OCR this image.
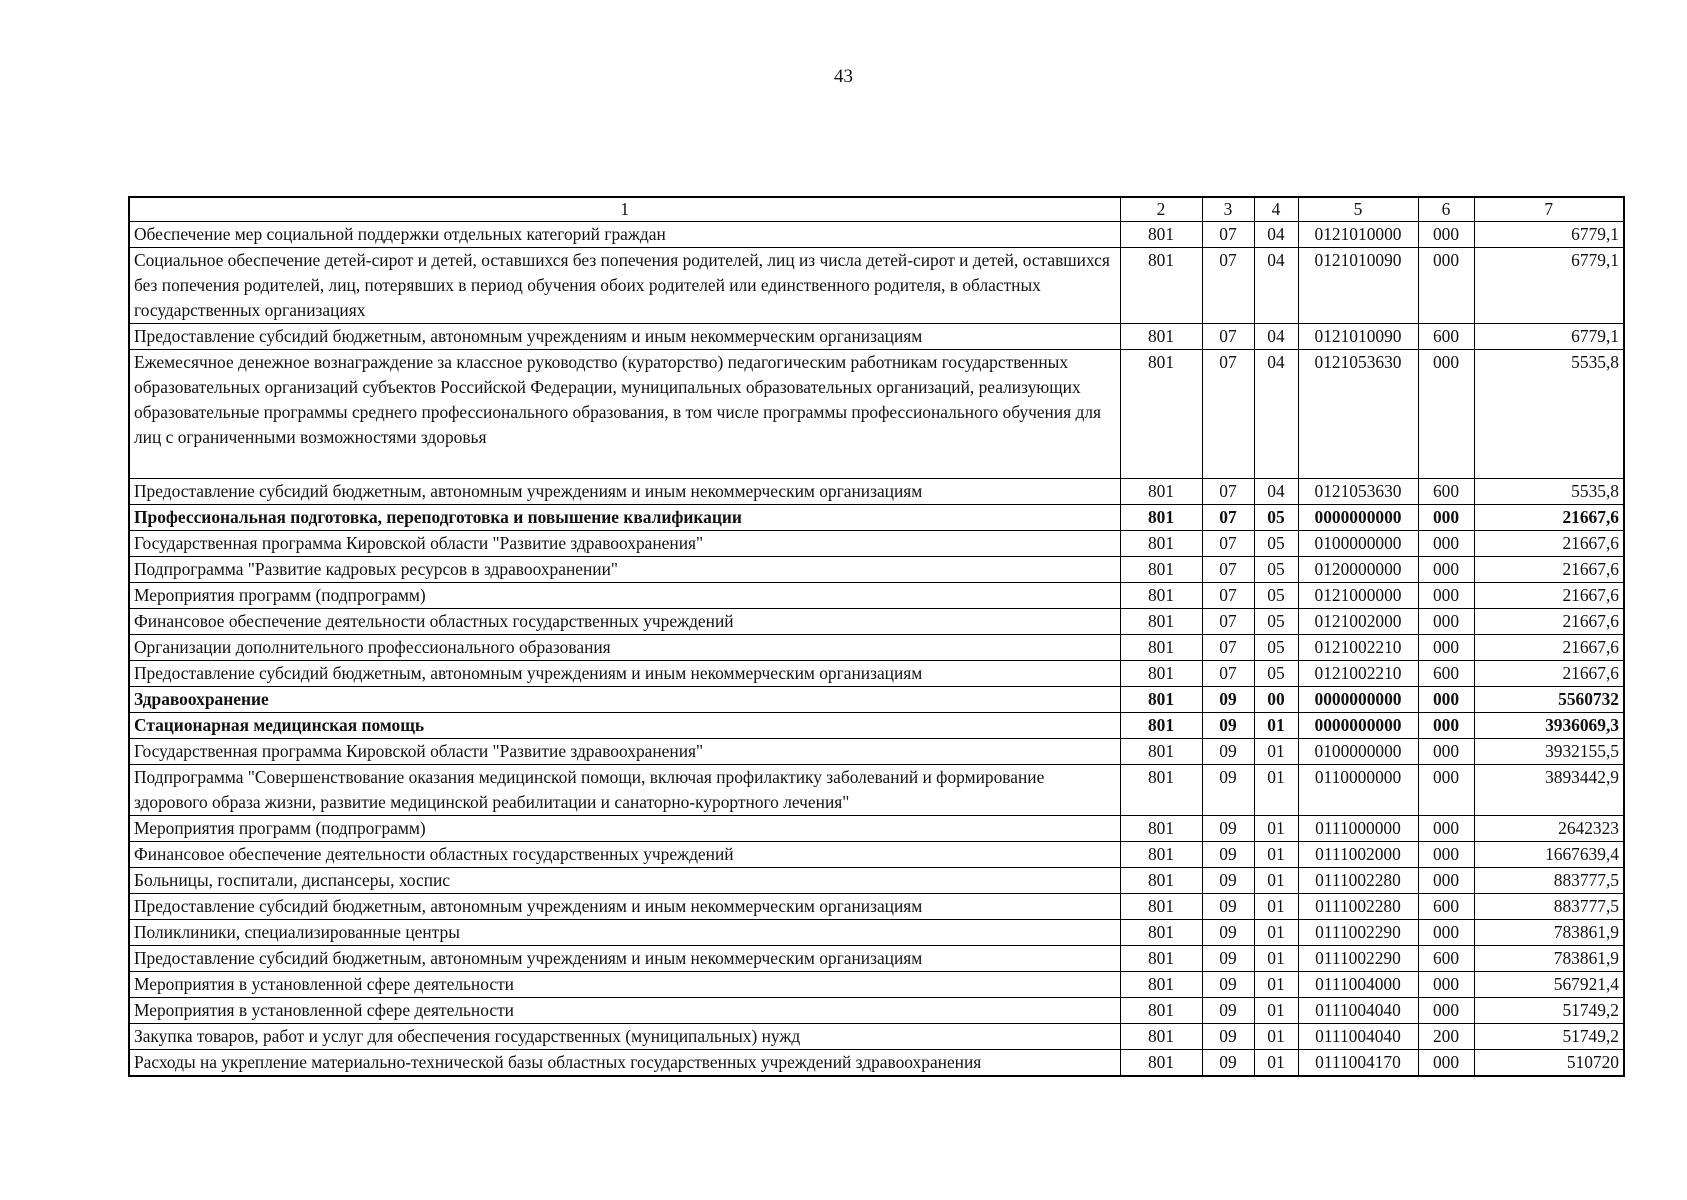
43
1	2	3	4	5	6	7
Обеспечение мер социальной поддержки отдельных категорий граждан	801	07	04	0121010000	000	6779,1
Социальное обеспечение детей-сирот и детей, оставшихся без попечения родителей, лиц из числа детей-сирот и детей, оставшихся без попечения родителей, лиц, потерявших в период обучения обоих родителей или единственного родителя, в областных государственных организациях	801	07	04	0121010090	000	6779,1
Предоставление субсидий бюджетным, автономным учреждениям и иным некоммерческим организациям	801	07	04	0121010090	600	6779,1
Ежемесячное денежное вознаграждение за классное руководство (кураторство) педагогическим работникам государственных образовательных организаций субъектов Российской Федерации, муниципальных образовательных организаций, реализующих образовательные программы среднего профессионального образования, в том числе программы профессионального обучения для лиц с ограниченными возможностями здоровья	801	07	04	0121053630	000	5535,8
Предоставление субсидий бюджетным, автономным учреждениям и иным некоммерческим организациям	801	07	04	0121053630	600	5535,8
Профессиональная подготовка, переподготовка и повышение квалификации	801	07	05	0000000000	000	21667,6
Государственная программа Кировской области "Развитие здравоохранения"	801	07	05	0100000000	000	21667,6
Подпрограмма "Развитие кадровых ресурсов в здравоохранении"	801	07	05	0120000000	000	21667,6
Мероприятия программ (подпрограмм)	801	07	05	0121000000	000	21667,6
Финансовое обеспечение деятельности областных государственных учреждений	801	07	05	0121002000	000	21667,6
Организации дополнительного профессионального образования	801	07	05	0121002210	000	21667,6
Предоставление субсидий бюджетным, автономным учреждениям и иным некоммерческим организациям	801	07	05	0121002210	600	21667,6
Здравоохранение	801	09	00	0000000000	000	5560732
Стационарная медицинская помощь	801	09	01	0000000000	000	3936069,3
Государственная программа Кировской области "Развитие здравоохранения"	801	09	01	0100000000	000	3932155,5
Подпрограмма "Совершенствование оказания медицинской помощи, включая профилактику заболеваний и формирование здорового образа жизни, развитие медицинской реабилитации и санаторно-курортного лечения"	801	09	01	0110000000	000	3893442,9
Мероприятия программ (подпрограмм)	801	09	01	0111000000	000	2642323
Финансовое обеспечение деятельности областных государственных учреждений	801	09	01	0111002000	000	1667639,4
Больницы, госпитали, диспансеры, хоспис	801	09	01	0111002280	000	883777,5
Предоставление субсидий бюджетным, автономным учреждениям и иным некоммерческим организациям	801	09	01	0111002280	600	883777,5
Поликлиники, специализированные центры	801	09	01	0111002290	000	783861,9
Предоставление субсидий бюджетным, автономным учреждениям и иным некоммерческим организациям	801	09	01	0111002290	600	783861,9
Мероприятия в установленной сфере деятельности	801	09	01	0111004000	000	567921,4
Мероприятия в установленной сфере деятельности	801	09	01	0111004040	000	51749,2
Закупка товаров, работ и услуг для обеспечения государственных (муниципальных) нужд	801	09	01	0111004040	200	51749,2
Расходы на укрепление материально-технической базы областных государственных учреждений здравоохранения	801	09	01	0111004170	000	510720
